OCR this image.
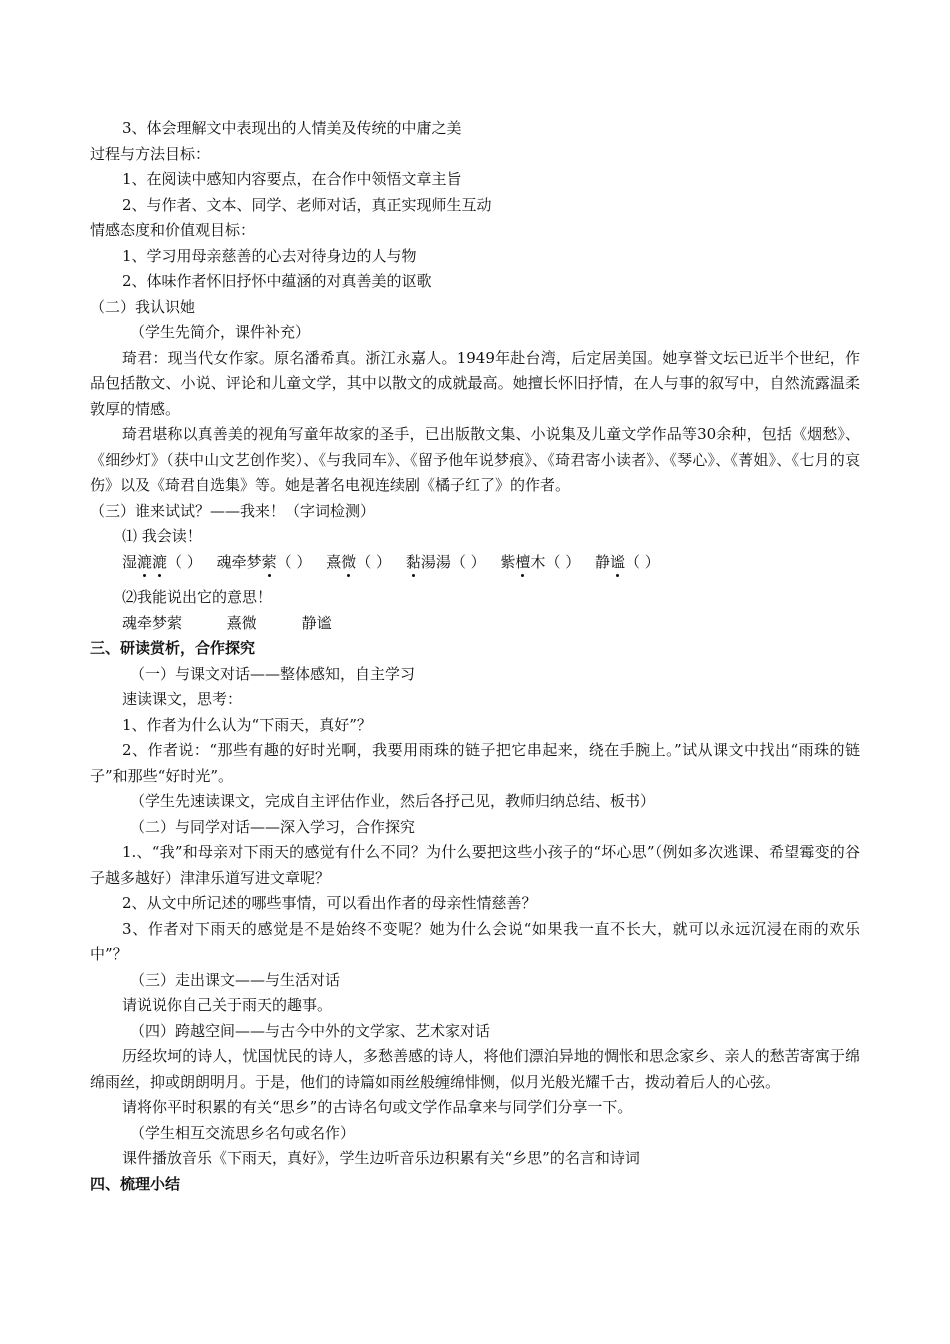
3、体会理解文中表现出的人情美及传统的中庸之美
过程与方法目标：
1、在阅读中感知内容要点，在合作中领悟文章主旨
2、与作者、文本、同学、老师对话，真正实现师生互动
情感态度和价值观目标：
1、学习用母亲慈善的心去对待身边的人与物
2、体味作者怀旧抒怀中蕴涵的对真善美的讴歌
（二）我认识她
（学生先简介，课件补充）
琦君：现当代女作家。原名潘希真。浙江永嘉人。1949年赴台湾，后定居美国。她享誉文坛已近半个世纪，作品包括散文、小说、评论和儿童文学，其中以散文的成就最高。她擅长怀旧抒情，在人与事的叙写中，自然流露温柔敦厚的情感。
琦君堪称以真善美的视角写童年故家的圣手，已出版散文集、小说集及儿童文学作品等30余种，包括《烟愁》、《细纱灯》（获中山文艺创作奖）、《与我同车》、《留予他年说梦痕》、《琦君寄小读者》、《琴心》、《菁姐》、《七月的哀伤》以及《琦君自选集》等。她是著名电视连续剧《橘子红了》的作者。
（三）谁来试试？——我来！（字词检测）
⑴ 我会读！
湿漉漉（ ） 魂牵梦萦（ ） 熹微（ ） 黏湯湯（ ） 紫檀木（ ） 静谧（ ）
⑵我能说出它的意思！
魂牵梦萦	熹微	静谧
三、研读赏析，合作探究
（一）与课文对话——整体感知，自主学习
速读课文，思考：
1、作者为什么认为“下雨天，真好”？
2、作者说：“那些有趣的好时光啊，我要用雨珠的链子把它串起来，绕在手腕上。”试从课文中找出“雨珠的链子”和那些“好时光”。
（学生先速读课文，完成自主评估作业，然后各抒己见，教师归纳总结、板书）
（二）与同学对话——深入学习，合作探究
1.、“我”和母亲对下雨天的感觉有什么不同？为什么要把这些小孩子的“坏心思”（例如多次逃课、希望霉变的谷子越多越好）津津乐道写进文章呢？
2、从文中所记述的哪些事情，可以看出作者的母亲性情慈善？
3、作者对下雨天的感觉是不是始终不变呢？她为什么会说“如果我一直不长大，就可以永远沉浸在雨的欢乐中”？
（三）走出课文——与生活对话
请说说你自己关于雨天的趣事。
（四）跨越空间——与古今中外的文学家、艺术家对话
历经坎坷的诗人，忧国忧民的诗人，多愁善感的诗人，将他们漂泊异地的惆怅和思念家乡、亲人的愁苦寄寓于绵绵雨丝，抑或朗朗明月。于是，他们的诗篇如雨丝般缠绵悱恻，似月光般光耀千古，拨动着后人的心弦。
请将你平时积累的有关“思乡”的古诗名句或文学作品拿来与同学们分享一下。
（学生相互交流思乡名句或名作）
课件播放音乐《下雨天，真好》，学生边听音乐边积累有关“乡思”的名言和诗词
四、梳理小结
